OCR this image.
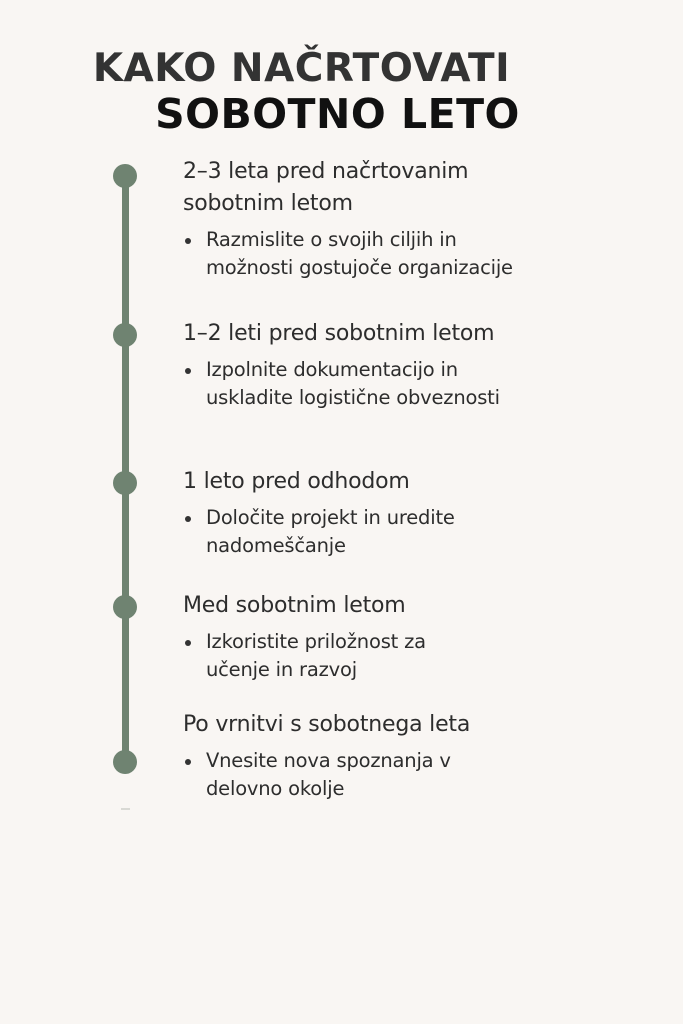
KAKO NAČRTOVATI
SOBOTNO LETO
2–3 leta pred načrtovanim sobotnim letom
Razmislite o svojih ciljih in možnosti gostujoče organizacije
1–2 leti pred sobotnim letom
Izpolnite dokumentacijo in uskladite logistične obveznosti
1 leto pred odhodom
Določite projekt in uredite nadomeščanje
Med sobotnim letom
Izkoristite priložnost za učenje in razvoj
Po vrnitvi s sobotnega leta
Vnesite nova spoznanja v delovno okolje
